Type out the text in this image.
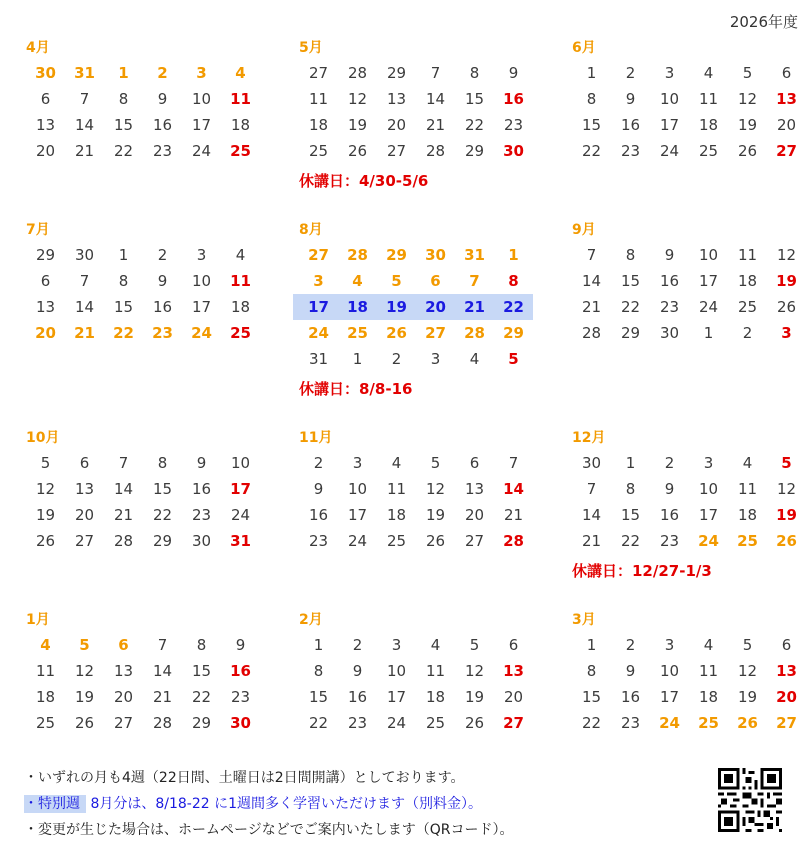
2026年度
4月
30	31	1	2	3	4
6	7	8	9	10	11
13	14	15	16	17	18
20	21	22	23	24	25
5月
27	28	29	7	8	9
11	12	13	14	15	16
18	19	20	21	22	23
25	26	27	28	29	30
休講日：4/30-5/6
6月
1	2	3	4	5	6
8	9	10	11	12	13
15	16	17	18	19	20
22	23	24	25	26	27
7月
29	30	1	2	3	4
6	7	8	9	10	11
13	14	15	16	17	18
20	21	22	23	24	25
8月
27	28	29	30	31	1
3	4	5	6	7	8
17	18	19	20	21	22
24	25	26	27	28	29
31	1	2	3	4	5
休講日：8/8-16
9月
7	8	9	10	11	12
14	15	16	17	18	19
21	22	23	24	25	26
28	29	30	1	2	3
10月
5	6	7	8	9	10
12	13	14	15	16	17
19	20	21	22	23	24
26	27	28	29	30	31
11月
2	3	4	5	6	7
9	10	11	12	13	14
16	17	18	19	20	21
23	24	25	26	27	28
12月
30	1	2	3	4	5
7	8	9	10	11	12
14	15	16	17	18	19
21	22	23	24	25	26
休講日：12/27-1/3
1月
4	5	6	7	8	9
11	12	13	14	15	16
18	19	20	21	22	23
25	26	27	28	29	30
2月
1	2	3	4	5	6
8	9	10	11	12	13
15	16	17	18	19	20
22	23	24	25	26	27
3月
1	2	3	4	5	6
8	9	10	11	12	13
15	16	17	18	19	20
22	23	24	25	26	27
・いずれの月も4週（22日間、土曜日は2日間開講）としております。
・特別週 8月分は、8/18-22 に1週間多く学習いただけます（別料金）。
・変更が生じた場合は、ホームページなどでご案内いたします（QRコード）。
